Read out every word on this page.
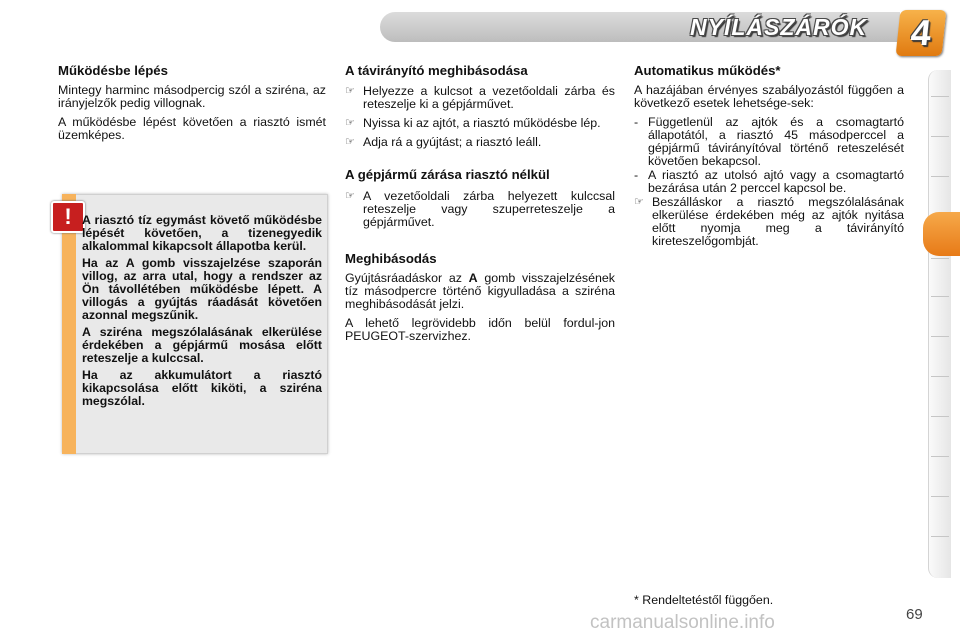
NYÍLÁSZÁRÓK	4
Működésbe lépés

Mintegy harminc másodpercig szól a sziréna, az irányjelzők pedig villognak.

A működésbe lépést követően a riasztó ismét üzemképes.

! A riasztó tíz egymást követő működésbe lépését követően, a tizenegyedik alkalommal kikapcsolt állapotba kerül.

Ha az A gomb visszajelzése szaporán villog, az arra utal, hogy a rendszer az Ön távollétében működésbe lépett. A villogás a gyújtás ráadását követően azonnal megszűnik.

A sziréna megszólalásának elkerülése érdekében a gépjármű mosása előtt reteszelje a kulccsal.

Ha az akkumulátort a riasztó kikapcsolása előtt kiköti, a sziréna megszólal.

A távirányító meghibásodása
☞ Helyezze a kulcsot a vezetőoldali zárba és reteszelje ki a gépjárművet.
☞ Nyissa ki az ajtót, a riasztó működésbe lép.
☞ Adja rá a gyújtást; a riasztó leáll.
A gépjármű zárása riasztó nélkül
☞ A vezetőoldali zárba helyezett kulccsal reteszelje vagy szuperreteszelje a gépjárművet.
Meghibásodás

Gyújtásráadáskor az A gomb visszajelzésének tíz másodpercre történő kigyulladása a sziréna meghibásodását jelzi.

A lehető legrövidebb időn belül fordul-jon PEUGEOT-szervizhez.

Automatikus működés*

A hazájában érvényes szabályozástól függően a következő esetek lehetsége-sek:

- Függetlenül az ajtók és a csomagtartó állapotától, a riasztó 45 másodperccel a gépjármű távirányítóval történő reteszelését követően bekapcsol.
- A riasztó az utolsó ajtó vagy a csomagtartó bezárása után 2 perccel kapcsol be.
☞ Beszálláskor a riasztó megszólalásának elkerülése érdekében még az ajtók nyitása előtt nyomja meg a távirányító kireteszelőgombját.
* Rendeltetéstől függően.
carmanualsonline.info	69
